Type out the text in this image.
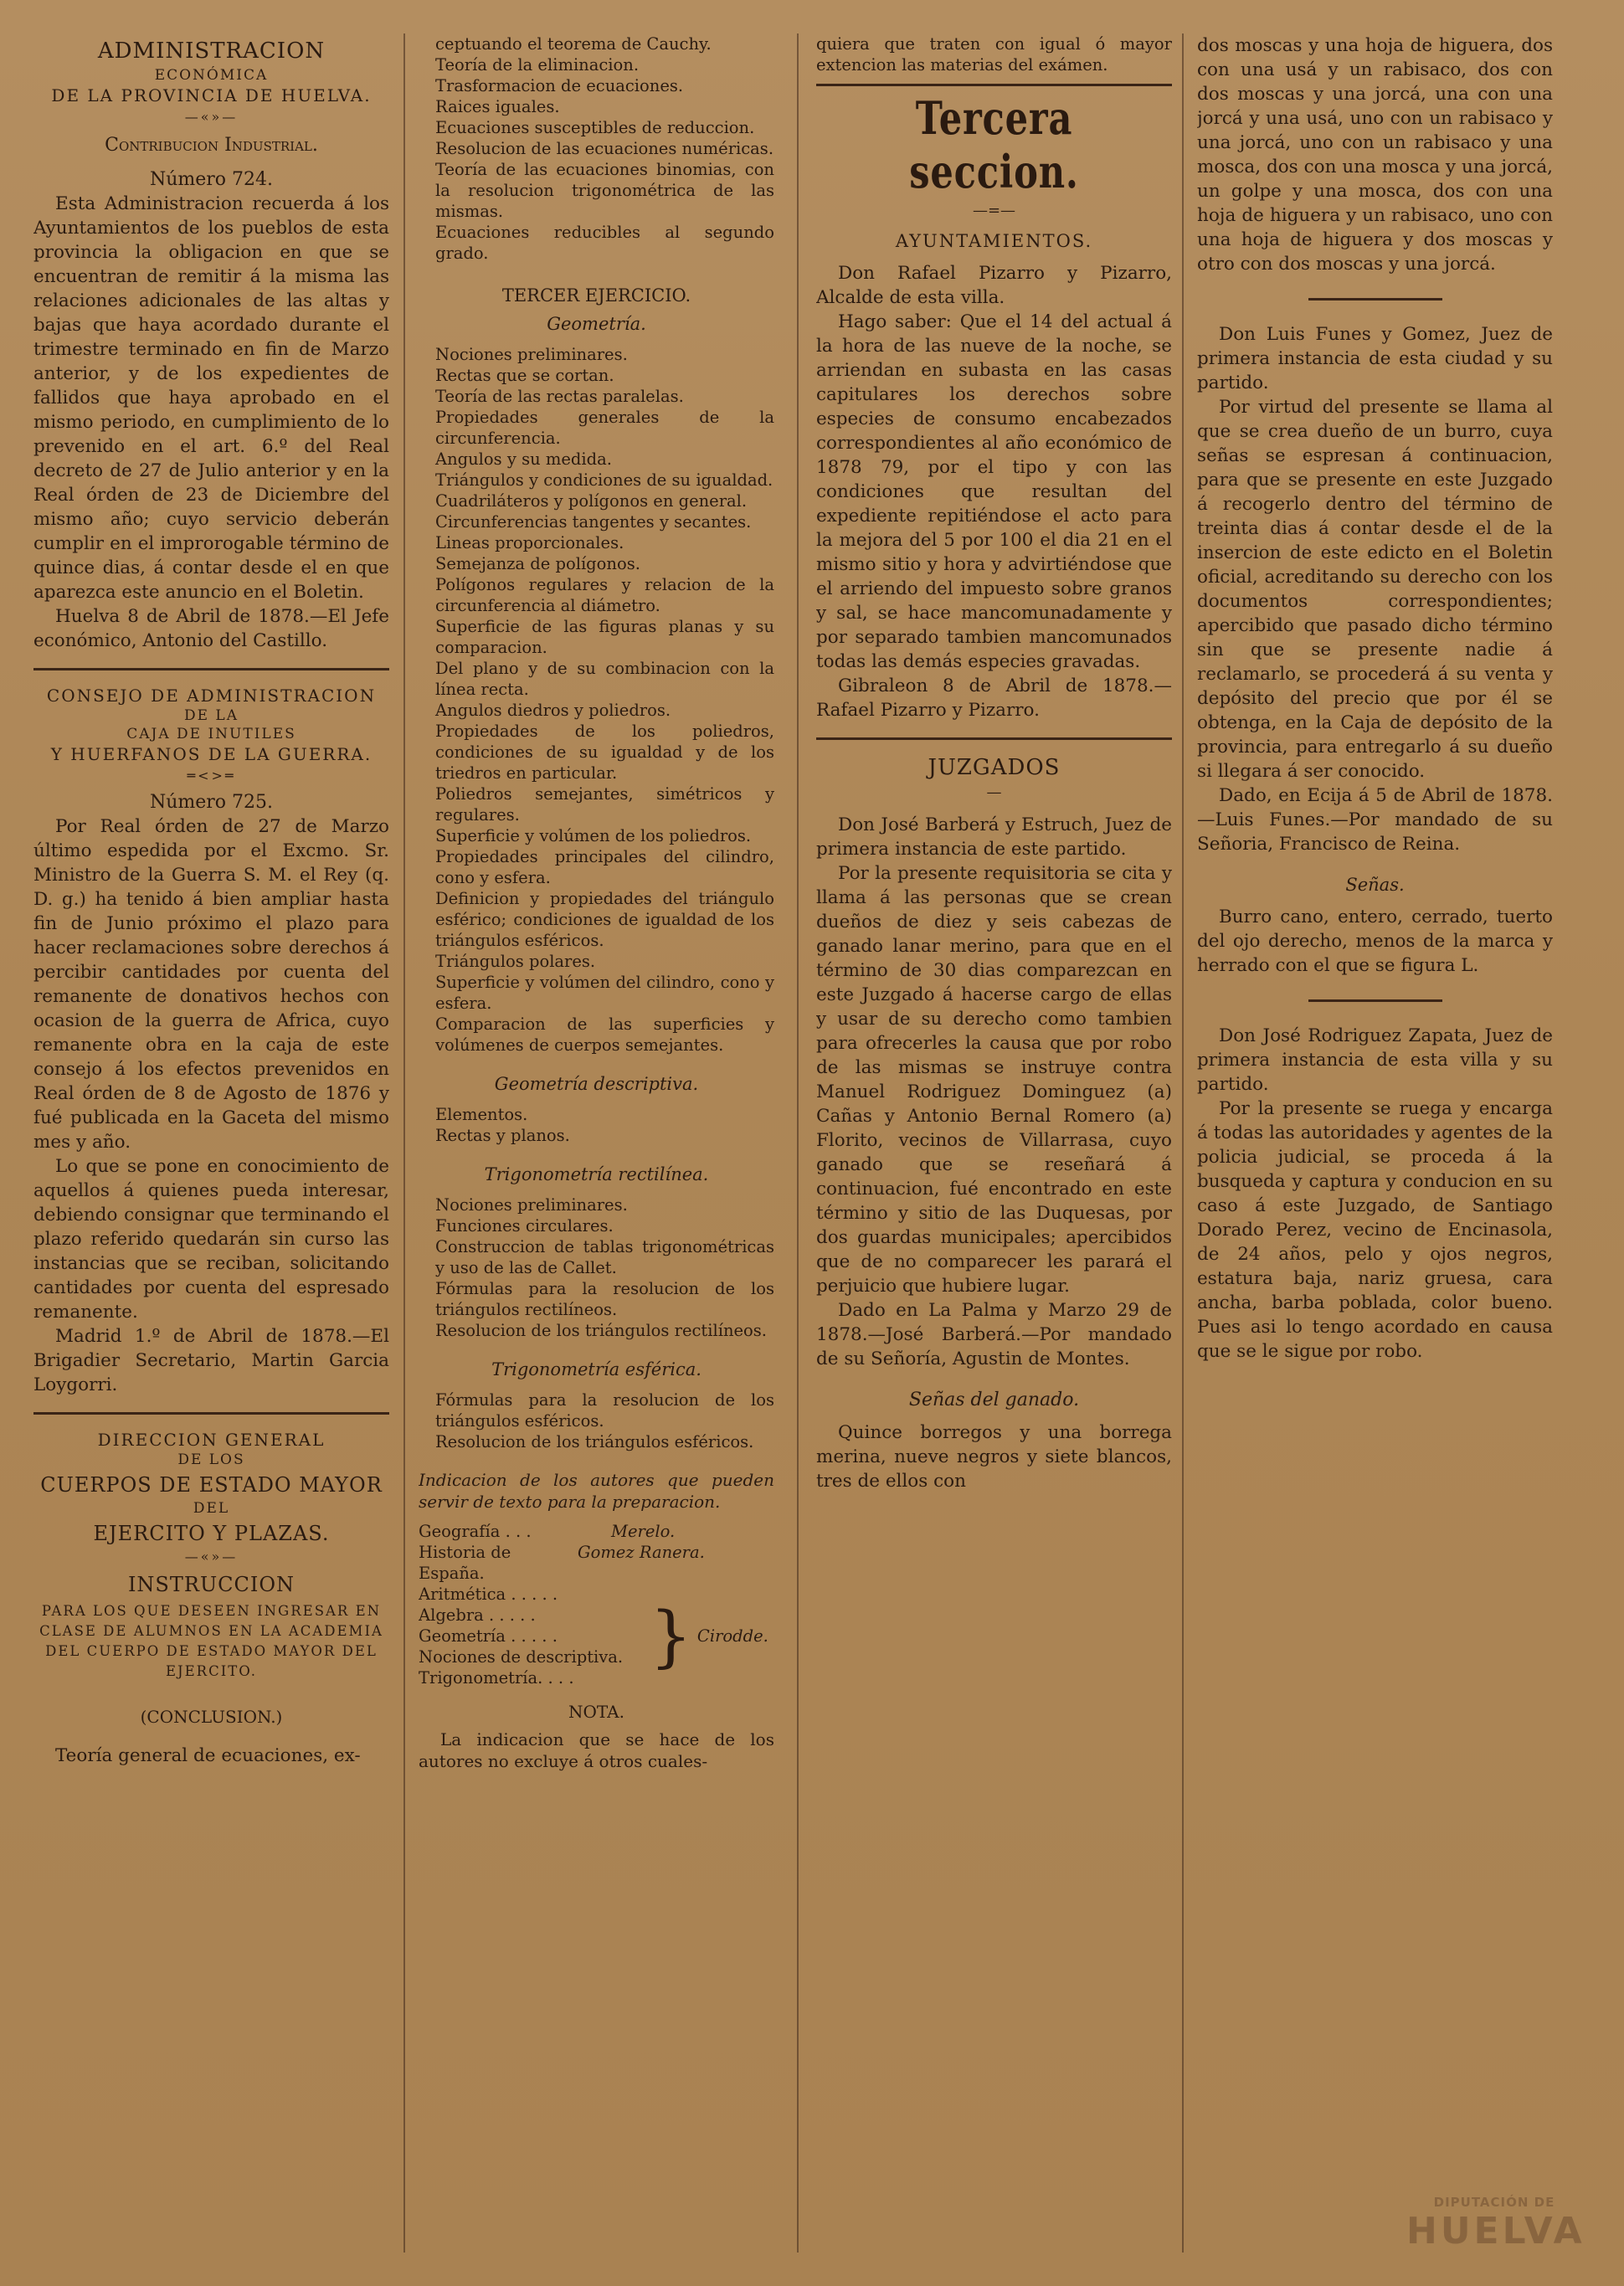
ADMINISTRACION
ECONÓMICA
DE LA PROVINCIA DE HUELVA.
—«»—
Contribucion Industrial.
Número 724.

Esta Administracion recuerda á los Ayuntamientos de los pueblos de esta provincia la obligacion en que se encuentran de remitir á la misma las relaciones adicionales de las altas y bajas que haya acordado durante el trimestre terminado en fin de Marzo anterior, y de los expedientes de fallidos que haya aprobado en el mismo periodo, en cumplimiento de lo prevenido en el art. 6.º del Real decreto de 27 de Julio anterior y en la Real órden de 23 de Diciembre del mismo año; cuyo servicio deberán cumplir en el improrogable término de quince dias, á contar desde el en que aparezca este anuncio en el Boletin.

Huelva 8 de Abril de 1878.—El Jefe económico, Antonio del Castillo.

CONSEJO DE ADMINISTRACION
DE LA
CAJA DE INUTILES
Y HUERFANOS DE LA GUERRA.
═<>═
Número 725.

Por Real órden de 27 de Marzo último espedida por el Excmo. Sr. Ministro de la Guerra S. M. el Rey (q. D. g.) ha tenido á bien ampliar hasta fin de Junio próximo el plazo para hacer reclamaciones sobre derechos á percibir cantidades por cuenta del remanente de donativos hechos con ocasion de la guerra de Africa, cuyo remanente obra en la caja de este consejo á los efectos prevenidos en Real órden de 8 de Agosto de 1876 y fué publicada en la Gaceta del mismo mes y año.

Lo que se pone en conocimiento de aquellos á quienes pueda interesar, debiendo consignar que terminando el plazo referido quedarán sin curso las instancias que se reciban, solicitando cantidades por cuenta del espresado remanente.

Madrid 1.º de Abril de 1878.—El Brigadier Secretario, Martin Garcia Loygorri.

DIRECCION GENERAL
DE LOS
CUERPOS DE ESTADO MAYOR
DEL
EJERCITO Y PLAZAS.
—«»—
INSTRUCCION
PARA LOS QUE DESEEN INGRESAR EN CLASE DE ALUMNOS EN LA ACADEMIA DEL CUERPO DE ESTADO MAYOR DEL EJERCITO.
(CONCLUSION.)

Teoría general de ecuaciones, ex-

ceptuando el teorema de Cauchy.
Teoría de la eliminacion.
Trasformacion de ecuaciones.
Raices iguales.
Ecuaciones susceptibles de reduccion.
Resolucion de las ecuaciones numéricas.
Teoría de las ecuaciones binomias, con la resolucion trigonométrica de las mismas.
Ecuaciones reducibles al segundo grado.
TERCER EJERCICIO.
Geometría.
Nociones preliminares.
Rectas que se cortan.
Teoría de las rectas paralelas.
Propiedades generales de la circunferencia.
Angulos y su medida.
Triángulos y condiciones de su igualdad.
Cuadriláteros y polígonos en general.
Circunferencias tangentes y secantes.
Lineas proporcionales.
Semejanza de polígonos.
Polígonos regulares y relacion de la circunferencia al diámetro.
Superficie de las figuras planas y su comparacion.
Del plano y de su combinacion con la línea recta.
Angulos diedros y poliedros.
Propiedades de los poliedros, condiciones de su igualdad y de los triedros en particular.
Poliedros semejantes, simétricos y regulares.
Superficie y volúmen de los poliedros.
Propiedades principales del cilindro, cono y esfera.
Definicion y propiedades del triángulo esférico; condiciones de igualdad de los triángulos esféricos.
Triángulos polares.
Superficie y volúmen del cilindro, cono y esfera.
Comparacion de las superficies y volúmenes de cuerpos semejantes.
Geometría descriptiva.
Elementos.
Rectas y planos.
Trigonometría rectilínea.
Nociones preliminares.
Funciones circulares.
Construccion de tablas trigonométricas y uso de las de Callet.
Fórmulas para la resolucion de los triángulos rectilíneos.
Resolucion de los triángulos rectilíneos.
Trigonometría esférica.
Fórmulas para la resolucion de los triángulos esféricos.
Resolucion de los triángulos esféricos.
Indicacion de los autores que pueden servir de texto para la preparacion.
Geografía . . .	Merelo.
Historia de España.
Gomez Ranera.
Aritmética . . . . .
Algebra . . . . .
Geometría . . . . .
Nociones de descriptiva.
Trigonometría. . . .
} Cirodde.
NOTA.

La indicacion que se hace de los autores no excluye á otros cuales-

quiera que traten con igual ó mayor extencion las materias del exámen.

Tercera seccion.
—=—
AYUNTAMIENTOS.

Don Rafael Pizarro y Pizarro, Alcalde de esta villa.

Hago saber: Que el 14 del actual á la hora de las nueve de la noche, se arriendan en subasta en las casas capitulares los derechos sobre especies de consumo encabezados correspondientes al año económico de 1878 79, por el tipo y con las condiciones que resultan del expediente repitiéndose el acto para la mejora del 5 por 100 el dia 21 en el mismo sitio y hora y advirtiéndose que el arriendo del impuesto sobre granos y sal, se hace mancomunadamente y por separado tambien mancomunados todas las demás especies gravadas.

Gibraleon 8 de Abril de 1878.—Rafael Pizarro y Pizarro.

JUZGADOS
—

Don José Barberá y Estruch, Juez de primera instancia de este partido.

Por la presente requisitoria se cita y llama á las personas que se crean dueños de diez y seis cabezas de ganado lanar merino, para que en el término de 30 dias comparezcan en este Juzgado á hacerse cargo de ellas y usar de su derecho como tambien para ofrecerles la causa que por robo de las mismas se instruye contra Manuel Rodriguez Dominguez (a) Cañas y Antonio Bernal Romero (a) Florito, vecinos de Villarrasa, cuyo ganado que se reseñará á continuacion, fué encontrado en este término y sitio de las Duquesas, por dos guardas municipales; apercibidos que de no comparecer les parará el perjuicio que hubiere lugar.

Dado en La Palma y Marzo 29 de 1878.—José Barberá.—Por mandado de su Señoría, Agustin de Montes.

Señas del ganado.

Quince borregos y una borrega merina, nueve negros y siete blancos, tres de ellos con

dos moscas y una hoja de higuera, dos con una usá y un rabisaco, dos con dos moscas y una jorcá, una con una jorcá y una usá, uno con un rabisaco y una jorcá, uno con un rabisaco y una mosca, dos con una mosca y una jorcá, un golpe y una mosca, dos con una hoja de higuera y un rabisaco, uno con una hoja de higuera y dos moscas y otro con dos moscas y una jorcá.

Don Luis Funes y Gomez, Juez de primera instancia de esta ciudad y su partido.

Por virtud del presente se llama al que se crea dueño de un burro, cuya señas se espresan á continuacion, para que se presente en este Juzgado á recogerlo dentro del término de treinta dias á contar desde el de la insercion de este edicto en el Boletin oficial, acreditando su derecho con los documentos correspondientes; apercibido que pasado dicho término sin que se presente nadie á reclamarlo, se procederá á su venta y depósito del precio que por él se obtenga, en la Caja de depósito de la provincia, para entregarlo á su dueño si llegara á ser conocido.

Dado, en Ecija á 5 de Abril de 1878.—Luis Funes.—Por mandado de su Señoria, Francisco de Reina.

Señas.

Burro cano, entero, cerrado, tuerto del ojo derecho, menos de la marca y herrado con el que se figura L.

Don José Rodriguez Zapata, Juez de primera instancia de esta villa y su partido.

Por la presente se ruega y encarga á todas las autoridades y agentes de la policia judicial, se proceda á la busqueda y captura y conducion en su caso á este Juzgado, de Santiago Dorado Perez, vecino de Encinasola, de 24 años, pelo y ojos negros, estatura baja, nariz gruesa, cara ancha, barba poblada, color bueno. Pues asi lo tengo acordado en causa que se le sigue por robo.

DIPUTACIÓN DE
HUELVA
